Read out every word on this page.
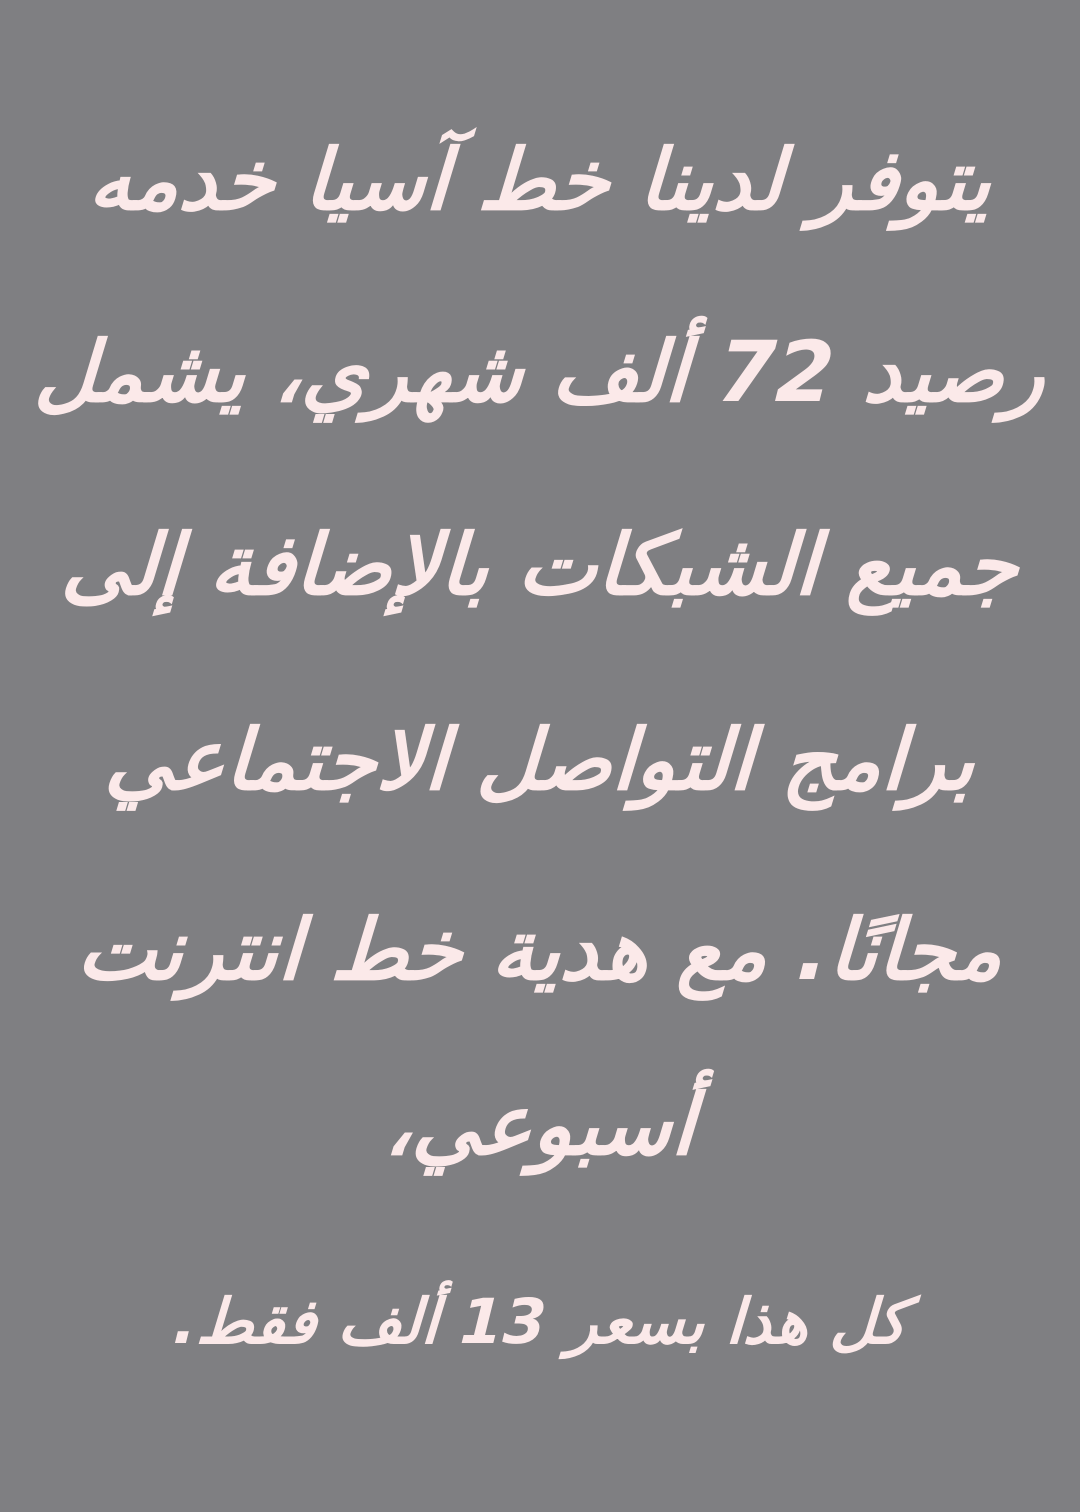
يتوفر لدينا خط آسيا خدمه
رصيد 72 ألف شهري، يشمل
جميع الشبكات بالإضافة إلى
برامج التواصل الاجتماعي
مجانًا. مع هدية خط انترنت
أسبوعي،
كل هذا بسعر 13 ألف فقط.
